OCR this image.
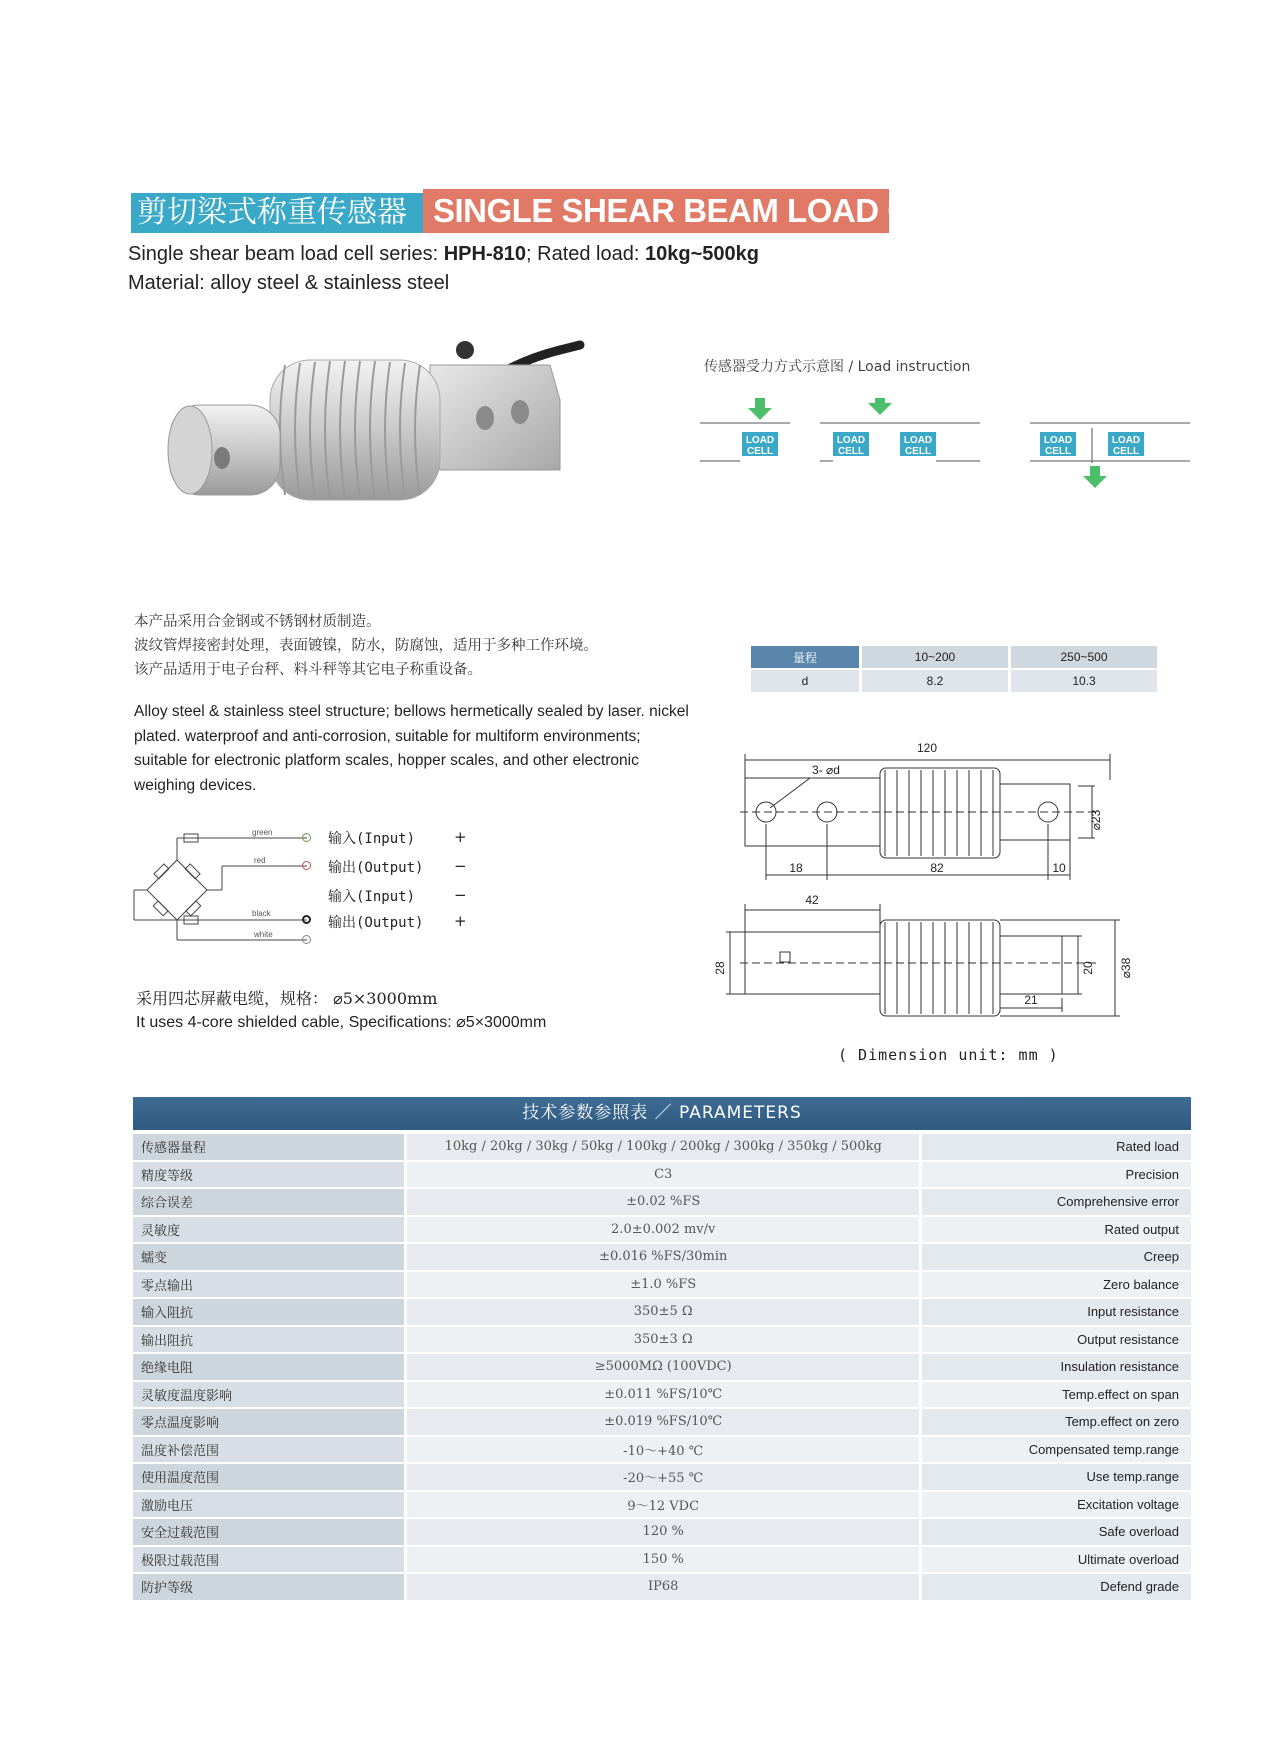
剪切梁式称重传感器 SINGLE SHEAR BEAM LOAD CELL
Single shear beam load cell series: HPH-810; Rated load: 10kg~500kg
Material: alloy steel & stainless steel
传感器受力方式示意图 / Load instruction
LOAD
CELL
LOAD
CELL
LOAD
CELL
LOAD
CELL
LOAD
CELL
本产品采用合金钢或不锈钢材质制造。
波纹管焊接密封处理，表面镀镍，防水，防腐蚀，适用于多种工作环境。
该产品适用于电子台秤、料斗秤等其它电子称重设备。
Alloy steel & stainless steel structure; bellows hermetically sealed by laser. nickel plated. waterproof and anti-corrosion, suitable for multiform environments; suitable for electronic platform scales, hopper scales, and other electronic weighing devices.
green
red
black
white
输入(Input)	+
输出(Output) −
输入(Input)	−
输出(Output) +
采用四芯屏蔽电缆，规格： ⌀5×3000mm
It uses 4-core shielded cable, Specifications: ⌀5×3000mm
量程	10~200	250~500
d	8.2	10.3
120
3- ⌀d
⌀23
18	82	10
42
28	20 ⌀38
21
( Dimension unit: mm )
技术参数参照表 ／ PARAMETERS
传感器量程	10kg / 20kg / 30kg / 50kg / 100kg / 200kg / 300kg / 350kg / 500kg	Rated load
精度等级	C3	Precision
综合误差	±0.02 %FS	Comprehensive error
灵敏度	2.0±0.002 mv/v	Rated output
蠕变	±0.016 %FS/30min	Creep
零点输出	±1.0 %FS	Zero balance
输入阻抗	350±5 Ω	Input resistance
输出阻抗	350±3 Ω	Output resistance
绝缘电阻	≥5000MΩ (100VDC)	Insulation resistance
灵敏度温度影响	±0.011 %FS/10℃	Temp.effect on span
零点温度影响	±0.019 %FS/10℃	Temp.effect on zero
温度补偿范围	-10～+40 ℃	Compensated temp.range
使用温度范围	-20～+55 ℃	Use temp.range
激励电压	9～12 VDC	Excitation voltage
安全过载范围	120 %	Safe overload
极限过载范围	150 %	Ultimate overload
防护等级	IP68	Defend grade
